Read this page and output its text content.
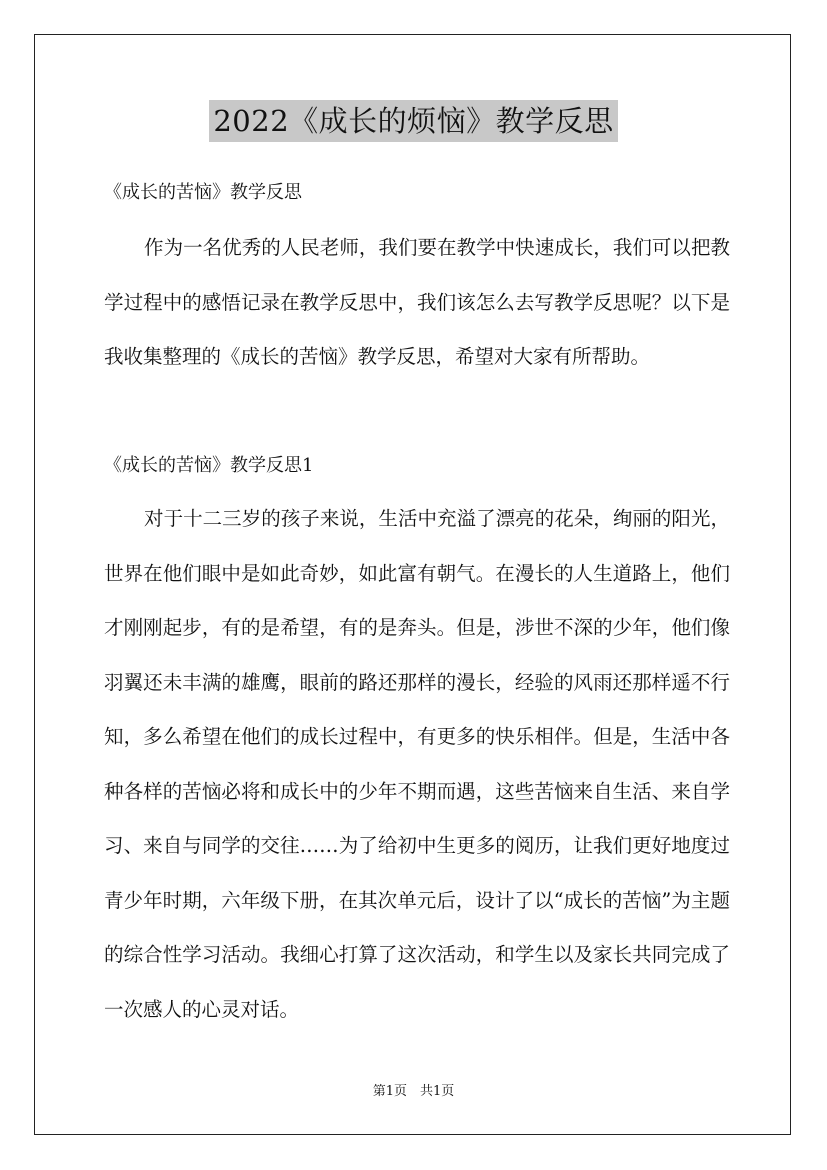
2022《成长的烦恼》教学反思
《成长的苦恼》教学反思

作为一名优秀的人民老师，我们要在教学中快速成长，我们可以把教学过程中的感悟记录在教学反思中，我们该怎么去写教学反思呢？以下是我收集整理的《成长的苦恼》教学反思，希望对大家有所帮助。

《成长的苦恼》教学反思1

对于十二三岁的孩子来说，生活中充溢了漂亮的花朵，绚丽的阳光，世界在他们眼中是如此奇妙，如此富有朝气。在漫长的人生道路上，他们才刚刚起步，有的是希望，有的是奔头。但是，涉世不深的少年，他们像羽翼还未丰满的雄鹰，眼前的路还那样的漫长，经验的风雨还那样遥不行知，多么希望在他们的成长过程中，有更多的快乐相伴。但是，生活中各种各样的苦恼必将和成长中的少年不期而遇，这些苦恼来自生活、来自学习、来自与同学的交往……为了给初中生更多的阅历，让我们更好地度过青少年时期，六年级下册，在其次单元后，设计了以“成长的苦恼”为主题的综合性学习活动。我细心打算了这次活动，和学生以及家长共同完成了一次感人的心灵对话。

第1页　共1页
